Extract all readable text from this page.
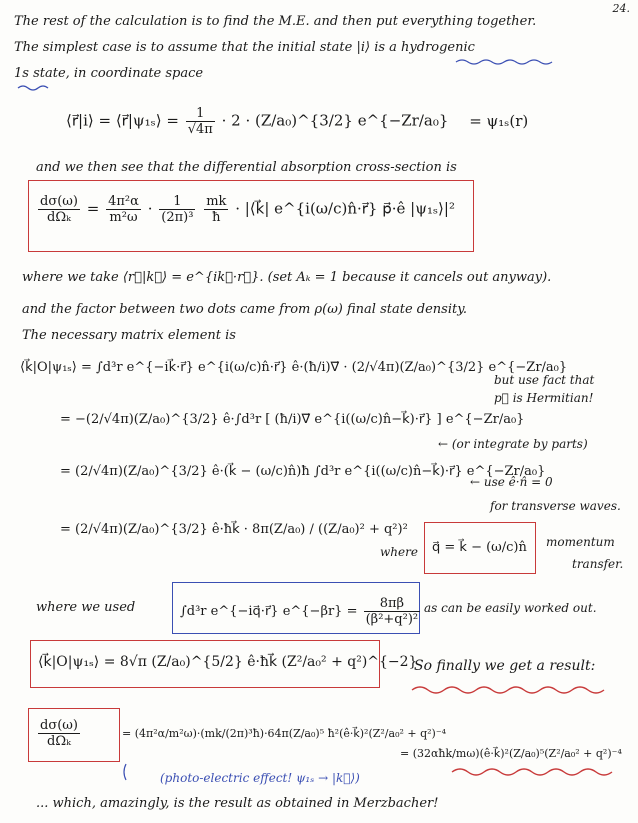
24.
The rest of the calculation is to find the M.E. and then put everything together.
The simplest case is to assume that the initial state |i⟩ is a hydrogenic
1s state, in coordinate space
⟨r⃗|i⟩ = ⟨r⃗|ψ₁ₛ⟩ = $\frac{1}{√4\pi} \cdot 2$ · (Z/a₀)^{3/2} e^{−Zr/a₀} = ψ₁ₛ(r)
and we then see that the differential absorption cross-section is
$\frac{d\sigma(\omega)}{\text{dΩₖ}} = \frac{\text{4π²α}}{\text{m²ω}} \cdot \frac{1}{\text{(2π)³}}$
$\frac{mk}{ħ}$ · |⟨k⃗| e^{i(ω/c)n̂·r⃗} p⃗·ê |ψ₁ₛ⟩|²
where we take ⟨r⃗|k⃗⟩ = e^{ik⃗·r⃗}. (set Aₖ = 1 because it cancels out anyway).
and the factor between two dots came from ρ(ω) final state density.
The necessary matrix element is
⟨k⃗|O|ψ₁ₛ⟩ = ∫d³r e^{−ik⃗·r⃗} e^{i(ω/c)n̂·r⃗} ê·(ħ/i)∇⃗ · (2/√4π)(Z/a₀)^{3/2} e^{−Zr/a₀}
= −(2/√4π)(Z/a₀)^{3/2} ê·∫d³r [ (ħ/i)∇⃗ e^{i((ω/c)n̂−k⃗)·r⃗} ] e^{−Zr/a₀}
= (2/√4π)(Z/a₀)^{3/2} ê·(k⃗ − (ω/c)n̂)ħ ∫d³r e^{i((ω/c)n̂−k⃗)·r⃗} e^{−Zr/a₀}
= (2/√4π)(Z/a₀)^{3/2} ê·ħk⃗ · 8π(Z/a₀) / ((Z/a₀)² + q²)²
but use fact that
p⃗ is Hermitian!
← (or integrate by parts)
← use ê·n̂ = 0
for transverse waves.
where q⃗ = k⃗ − (ω/c)n̂ momentum
transfer.
where we used	∫d³r e^{−iq⃗·r⃗} e^{−βr} = $\frac{8\pi\beta}{\text{(β²+q²)²}}$ as can be easily worked out.
⟨k⃗|O|ψ₁ₛ⟩ = 8√π (Z/a₀)^{5/2} ê·ħk⃗ (Z²/a₀² + q²)^{−2}
So finally we get a result:
$\frac{d\sigma(\omega)}{\text{dΩₖ}}$	= (4π²α/m²ω)·(mk/(2π)³ħ)·64π(Z/a₀)⁵ ħ²(ê·k⃗)²(Z²/a₀² + q²)⁻⁴
= (32αħk/mω)(ê·k⃗)²(Z/a₀)⁵(Z²/a₀² + q²)⁻⁴
(photo-electric effect! ψ₁ₛ → |k⃗⟩)
... which, amazingly, is the result as obtained in Merzbacher!
